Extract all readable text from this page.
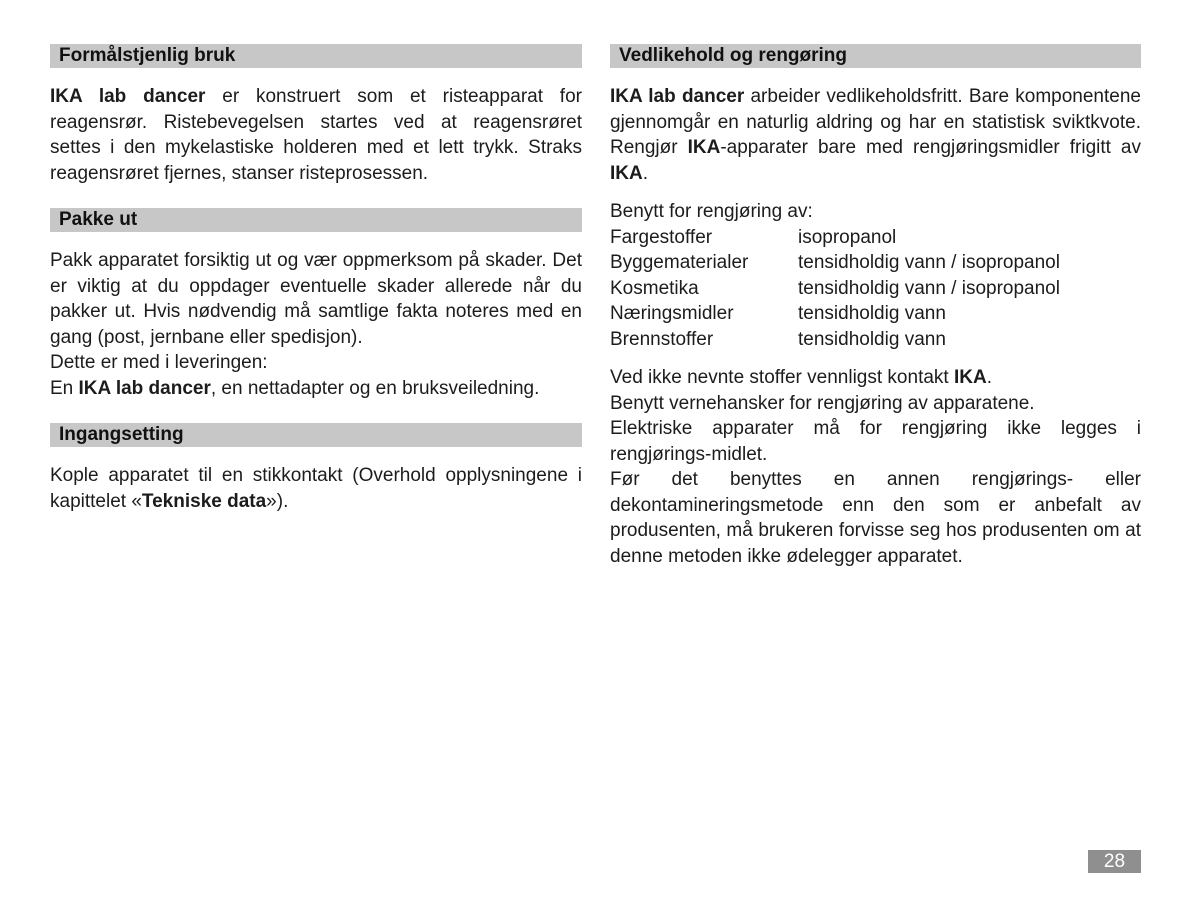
Formålstjenlig bruk

IKA lab dancer er konstruert som et risteapparat for reagensrør. Ristebevegelsen startes ved at reagensrøret settes i den mykelastiske holderen med et lett trykk. Straks reagensrøret fjernes, stanser risteprosessen.

Pakke ut

Pakk apparatet forsiktig ut og vær oppmerksom på skader. Det er viktig at du oppdager eventuelle skader allerede når du pakker ut. Hvis nødvendig må samtlige fakta noteres med en gang (post, jernbane eller spedisjon).

Dette er med i leveringen:

En IKA lab dancer, en nettadapter og en bruksveiledning.

Ingangsetting

Kople apparatet til en stikkontakt (Overhold opplysningene i kapittelet «Tekniske data»).

Vedlikehold og rengøring

IKA lab dancer arbeider vedlikeholdsfritt. Bare komponentene gjennomgår en naturlig aldring og har en statistisk sviktkvote. Rengjør IKA-apparater bare med rengjøringsmidler frigitt av IKA.

Benytt for rengjøring av:

Fargestoffer	isopropanol
Byggematerialer	tensidholdig vann / isopropanol
Kosmetika	tensidholdig vann / isopropanol
Næringsmidler	tensidholdig vann
Brennstoffer	tensidholdig vann

Ved ikke nevnte stoffer vennligst kontakt IKA.

Benytt vernehansker for rengjøring av apparatene.

Elektriske apparater må for rengjøring ikke legges i rengjørings-midlet.

Før det benyttes en annen rengjørings- eller dekontamineringsmetode enn den som er anbefalt av produsenten, må brukeren forvisse seg hos produsenten om at denne metoden ikke ødelegger apparatet.

28
